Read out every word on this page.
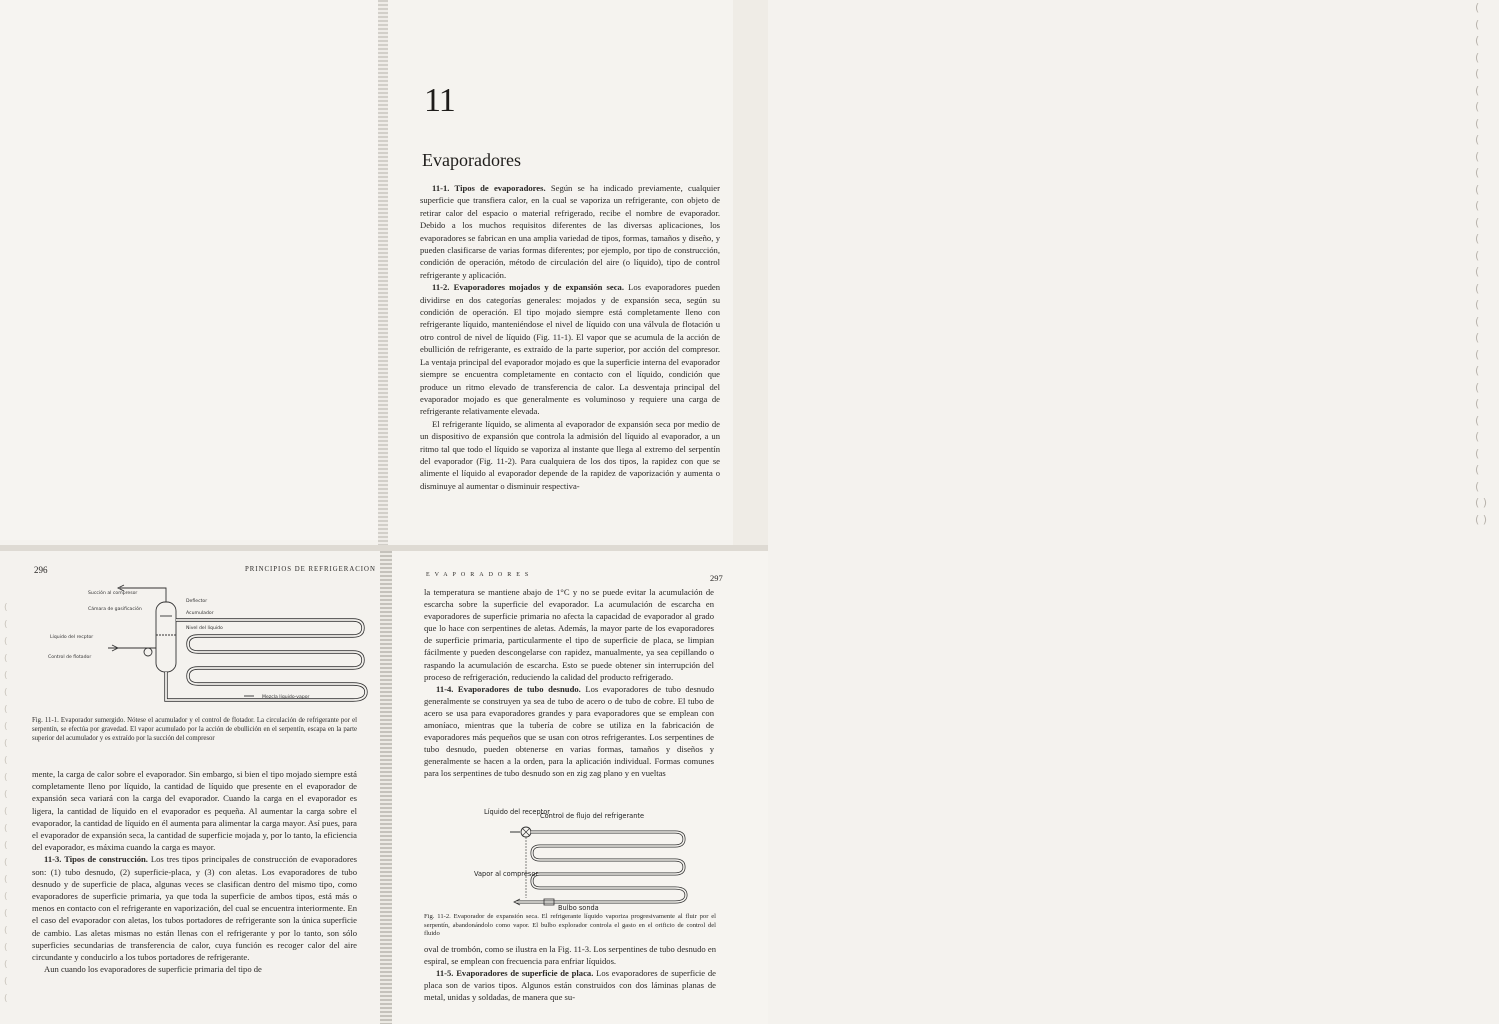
(
(
(
(
(
(
(
(
(
(
(
(
(
(
(
(
(
(
(
(
(
(
(
(
(
(
(
(
(
(
( )
( )
(
(
(
(
(
(
(
(
(
(
(
(
(
(
(
(
(
(
(
(
(
(
(
(
11
Evaporadores

11-1. Tipos de evaporadores. Según se ha indicado previamente, cualquier superficie que transfiera calor, en la cual se vaporiza un refrigerante, con objeto de retirar calor del espacio o material refrigerado, recibe el nombre de evaporador. Debido a los muchos requisitos diferentes de las diversas aplicaciones, los evaporadores se fabrican en una amplia variedad de tipos, formas, tamaños y diseño, y pueden clasificarse de varias formas diferentes; por ejemplo, por tipo de construcción, condición de operación, método de circulación del aire (o líquido), tipo de control refrigerante y aplicación.

11-2. Evaporadores mojados y de expansión seca. Los evaporadores pueden dividirse en dos categorías generales: mojados y de expansión seca, según su condición de operación. El tipo mojado siempre está completamente lleno con refrigerante líquido, manteniéndose el nivel de líquido con una válvula de flotación u otro control de nivel de líquido (Fig. 11-1). El vapor que se acumula de la acción de ebullición de refrigerante, es extraído de la parte superior, por acción del compresor. La ventaja principal del evaporador mojado es que la superficie interna del evaporador siempre se encuentra completamente en contacto con el líquido, condición que produce un ritmo elevado de transferencia de calor. La desventaja principal del evaporador mojado es que generalmente es voluminoso y requiere una carga de refrigerante relativamente elevada.

El refrigerante líquido, se alimenta al evaporador de expansión seca por medio de un dispositivo de expansión que controla la admisión del líquido al evaporador, a un ritmo tal que todo el líquido se vaporiza al instante que llega al extremo del serpentín del evaporador (Fig. 11-2). Para cualquiera de los dos tipos, la rapidez con que se alimente el líquido al evaporador depende de la rapidez de vaporización y aumenta o disminuye al aumentar o disminuir respectiva-

296	PRINCIPIOS DE REFRIGERACION
Succión al compresor
Cámara de gasificación
Deflector
Acumulador
Nivel del líquido
Líquido del recptor
Control de flotador
Mezcla líquido-vapor
Fig. 11-1. Evaporador sumergido. Nótese el acumulador y el control de flotador. La circulación de refrigerante por el serpentín, se efectúa por gravedad. El vapor acumulado por la acción de ebullición en el serpentín, escapa en la parte superior del acumulador y es extraído por la succión del compresor

mente, la carga de calor sobre el evaporador. Sin embargo, si bien el tipo mojado siempre está completamente lleno por líquido, la cantidad de líquido que presente en el evaporador de expansión seca variará con la carga del evaporador. Cuando la carga en el evaporador es ligera, la cantidad de líquido en el evaporador es pequeña. Al aumentar la carga sobre el evaporador, la cantidad de líquido en él aumenta para alimentar la carga mayor. Así pues, para el evaporador de expansión seca, la cantidad de superficie mojada y, por lo tanto, la eficiencia del evaporador, es máxima cuando la carga es mayor.

11-3. Tipos de construcción. Los tres tipos principales de construcción de evaporadores son: (1) tubo desnudo, (2) superficie-placa, y (3) con aletas. Los evaporadores de tubo desnudo y de superficie de placa, algunas veces se clasifican dentro del mismo tipo, como evaporadores de superficie primaria, ya que toda la superficie de ambos tipos, está más o menos en contacto con el refrigerante en vaporización, del cual se encuentra interiormente. En el caso del evaporador con aletas, los tubos portadores de refrigerante son la única superficie de cambio. Las aletas mismas no están llenas con el refrigerante y por lo tanto, son sólo superficies secundarias de transferencia de calor, cuya función es recoger calor del aire circundante y conducirlo a los tubos portadores de refrigerante.

Aun cuando los evaporadores de superficie primaria del tipo de

EVAPORADORES	297

la temperatura se mantiene abajo de 1°C y no se puede evitar la acumulación de escarcha sobre la superficie del evaporador. La acumulación de escarcha en evaporadores de superficie primaria no afecta la capacidad de evaporador al grado que lo hace con serpentines de aletas. Además, la mayor parte de los evaporadores de superficie primaria, particularmente el tipo de superficie de placa, se limpian fácilmente y pueden descongelarse con rapidez, manualmente, ya sea cepillando o raspando la acumulación de escarcha. Esto se puede obtener sin interrupción del proceso de refrigeración, reduciendo la calidad del producto refrigerado.

11-4. Evaporadores de tubo desnudo. Los evaporadores de tubo desnudo generalmente se construyen ya sea de tubo de acero o de tubo de cobre. El tubo de acero se usa para evaporadores grandes y para evaporadores que se emplean con amoníaco, mientras que la tubería de cobre se utiliza en la fabricación de evaporadores más pequeños que se usan con otros refrigerantes. Los serpentines de tubo desnudo, pueden obtenerse en varias formas, tamaños y diseños y generalmente se hacen a la orden, para la aplicación individual. Formas comunes para los serpentines de tubo desnudo son en zig zag plano y en vueltas

Líquido del receptor
Control de flujo del refrigerante
Vapor al compresor
Bulbo sonda
Fig. 11-2. Evaporador de expansión seca. El refrigerante líquido vaporiza progresivamente al fluir por el serpentín, abandonándolo como vapor. El bulbo explorador controla el gasto en el orificio de control del fluido

oval de trombón, como se ilustra en la Fig. 11-3. Los serpentines de tubo desnudo en espiral, se emplean con frecuencia para enfriar líquidos.

11-5. Evaporadores de superficie de placa. Los evaporadores de superficie de placa son de varios tipos. Algunos están construidos con dos láminas planas de metal, unidas y soldadas, de manera que su-
